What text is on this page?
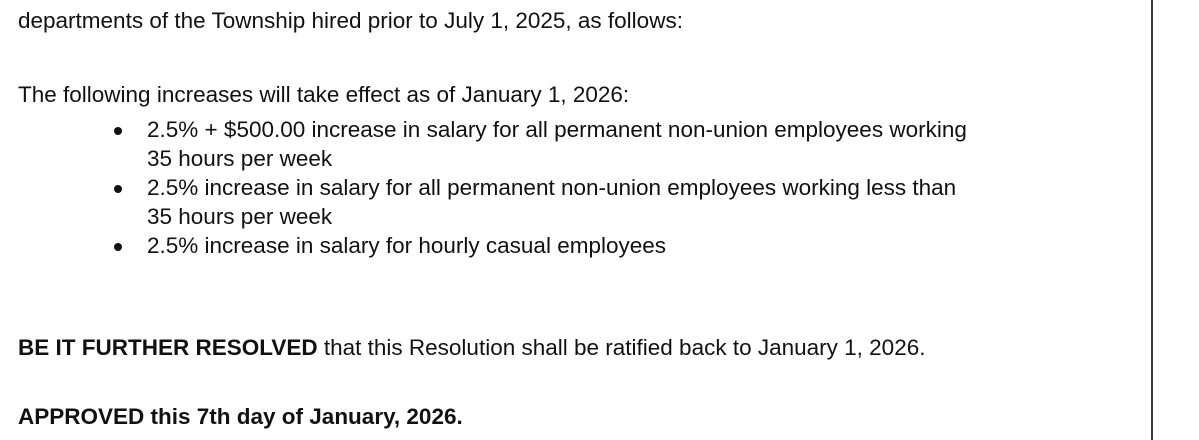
departments of the Township hired prior to July 1, 2025, as follows:
The following increases will take effect as of January 1, 2026:
2.5% + $500.00 increase in salary for all permanent non-union employees working
35 hours per week
2.5% increase in salary for all permanent non-union employees working less than
35 hours per week
2.5% increase in salary for hourly casual employees
BE IT FURTHER RESOLVED that this Resolution shall be ratified back to January 1, 2026.
APPROVED this 7th day of January, 2026.
